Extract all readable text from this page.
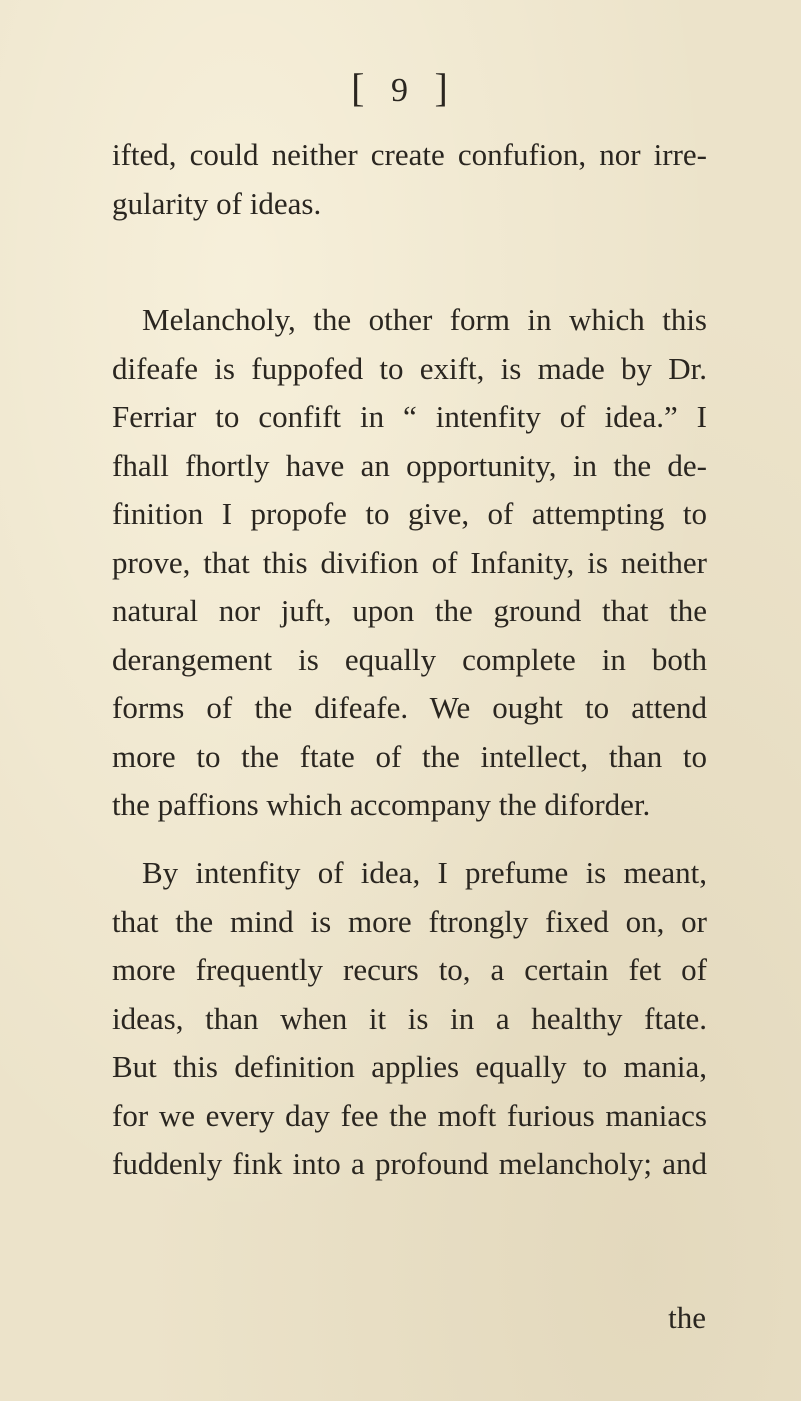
[ 9 ]
ifted, could neither create confufion, nor irre-
gularity of ideas.
Melancholy, the other form in which this
difeafe is fuppofed to exift, is made by Dr.
Ferriar to confift in “ intenfity of idea.” I
fhall fhortly have an opportunity, in the de-
finition I propofe to give, of attempting to
prove, that this divifion of Infanity, is neither
natural nor juft, upon the ground that the
derangement is equally complete in both
forms of the difeafe. We ought to attend
more to the ftate of the intellect, than to
the paffions which accompany the diforder.
By intenfity of idea, I prefume is meant,
that the mind is more ftrongly fixed on, or
more frequently recurs to, a certain fet of
ideas, than when it is in a healthy ftate.
But this definition applies equally to mania,
for we every day fee the moft furious maniacs
fuddenly fink into a profound melancholy; and
the
